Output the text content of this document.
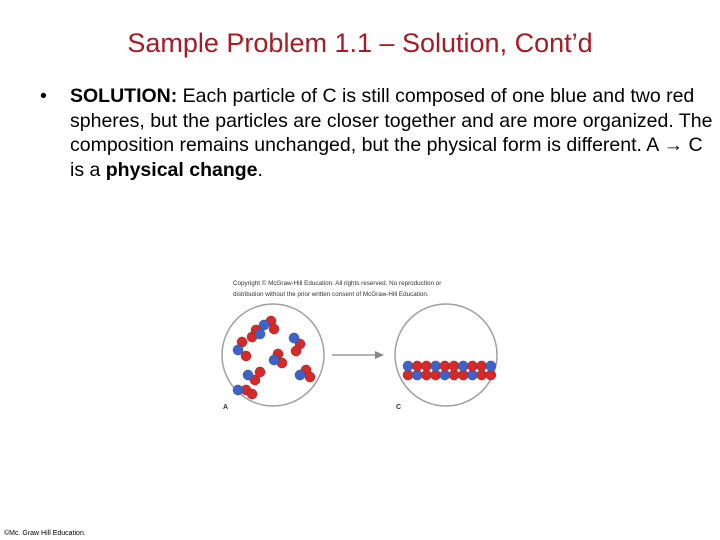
Sample Problem 1.1 – Solution, Cont’d
• SOLUTION: Each particle of C is still composed of one blue and two red spheres, but the particles are closer together and are more organized. The composition remains unchanged, but the physical form is different. A → C is a physical change.
Copyright © McGraw-Hill Education. All rights reserved. No reproduction or
distribution without the prior written consent of McGraw-Hill Education.
A	C
©Mc. Graw Hill Education.
